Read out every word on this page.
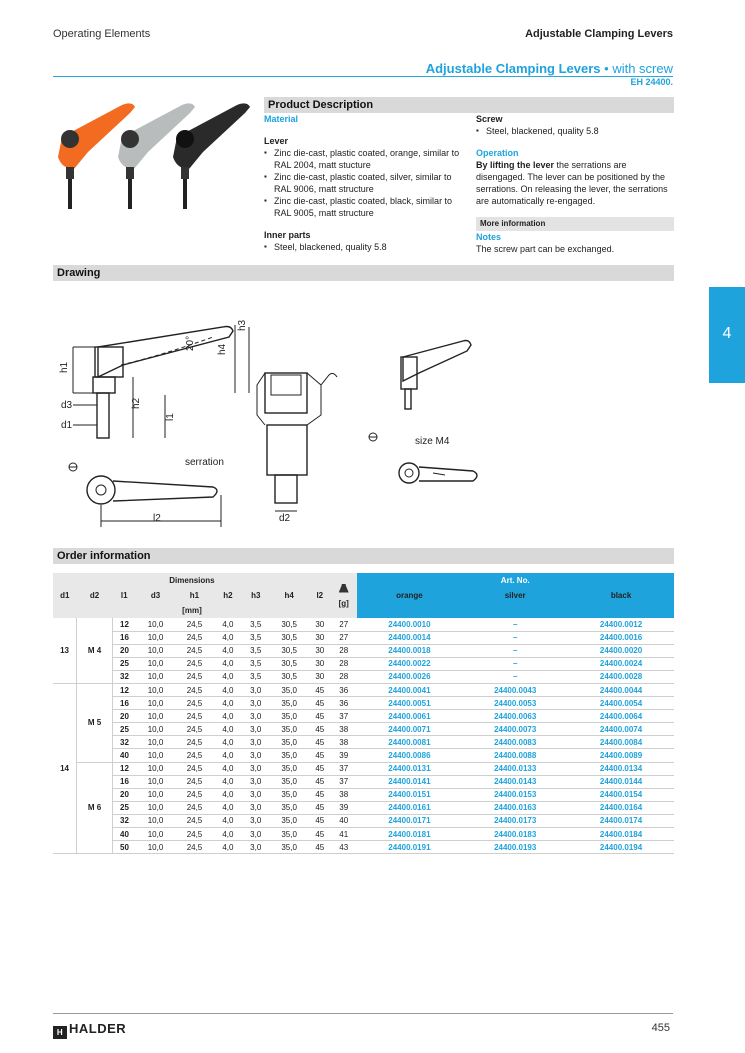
Operating Elements	Adjustable Clamping Levers
Adjustable Clamping Levers • with screw
EH 24400.
Product Description
Material
Lever
▪ Zinc die-cast, plastic coated, orange, similar to RAL 2004, matt stucture
▪ Zinc die-cast, plastic coated, silver, similar to RAL 9006, matt structure
▪ Zinc die-cast, plastic coated, black, similar to RAL 9005, matt structure
Inner parts
▪ Steel, blackened, quality 5.8
Screw
▪ Steel, blackened, quality 5.8
Operation
By lifting the lever the serrations are disengaged. The lever can be positioned by the serrations. On releasing the lever, the serrations are automatically re-engaged.
More information
Notes
The screw part can be exchanged.
Drawing
h1
h2
h3
h4
20°
d3
d1
l1
serration
l2	d2
size M4
4
Order information
Dimensions									[g]	Art. No.		
d1	d2	l1	d3	h1	h2	h3	h4	l2		orange	silver	black
[mm]												
13	M 4	12	10,0	24,5	4,0	3,5	30,5	30	27	24400.0010	–	24400.0012
		16	10,0	24,5	4,0	3,5	30,5	30	27	24400.0014	–	24400.0016
		20	10,0	24,5	4,0	3,5	30,5	30	28	24400.0018	–	24400.0020
		25	10,0	24,5	4,0	3,5	30,5	30	28	24400.0022	–	24400.0024
		32	10,0	24,5	4,0	3,5	30,5	30	28	24400.0026	–	24400.0028
14	M 5	12	10,0	24,5	4,0	3,0	35,0	45	36	24400.0041	24400.0043	24400.0044
		16	10,0	24,5	4,0	3,0	35,0	45	36	24400.0051	24400.0053	24400.0054
		20	10,0	24,5	4,0	3,0	35,0	45	37	24400.0061	24400.0063	24400.0064
		25	10,0	24,5	4,0	3,0	35,0	45	38	24400.0071	24400.0073	24400.0074
		32	10,0	24,5	4,0	3,0	35,0	45	38	24400.0081	24400.0083	24400.0084
		40	10,0	24,5	4,0	3,0	35,0	45	39	24400.0086	24400.0088	24400.0089
	M 6	12	10,0	24,5	4,0	3,0	35,0	45	37	24400.0131	24400.0133	24400.0134
		16	10,0	24,5	4,0	3,0	35,0	45	37	24400.0141	24400.0143	24400.0144
		20	10,0	24,5	4,0	3,0	35,0	45	38	24400.0151	24400.0153	24400.0154
		25	10,0	24,5	4,0	3,0	35,0	45	39	24400.0161	24400.0163	24400.0164
		32	10,0	24,5	4,0	3,0	35,0	45	40	24400.0171	24400.0173	24400.0174
		40	10,0	24,5	4,0	3,0	35,0	45	41	24400.0181	24400.0183	24400.0184
		50	10,0	24,5	4,0	3,0	35,0	45	43	24400.0191	24400.0193	24400.0194
H HALDER	455
